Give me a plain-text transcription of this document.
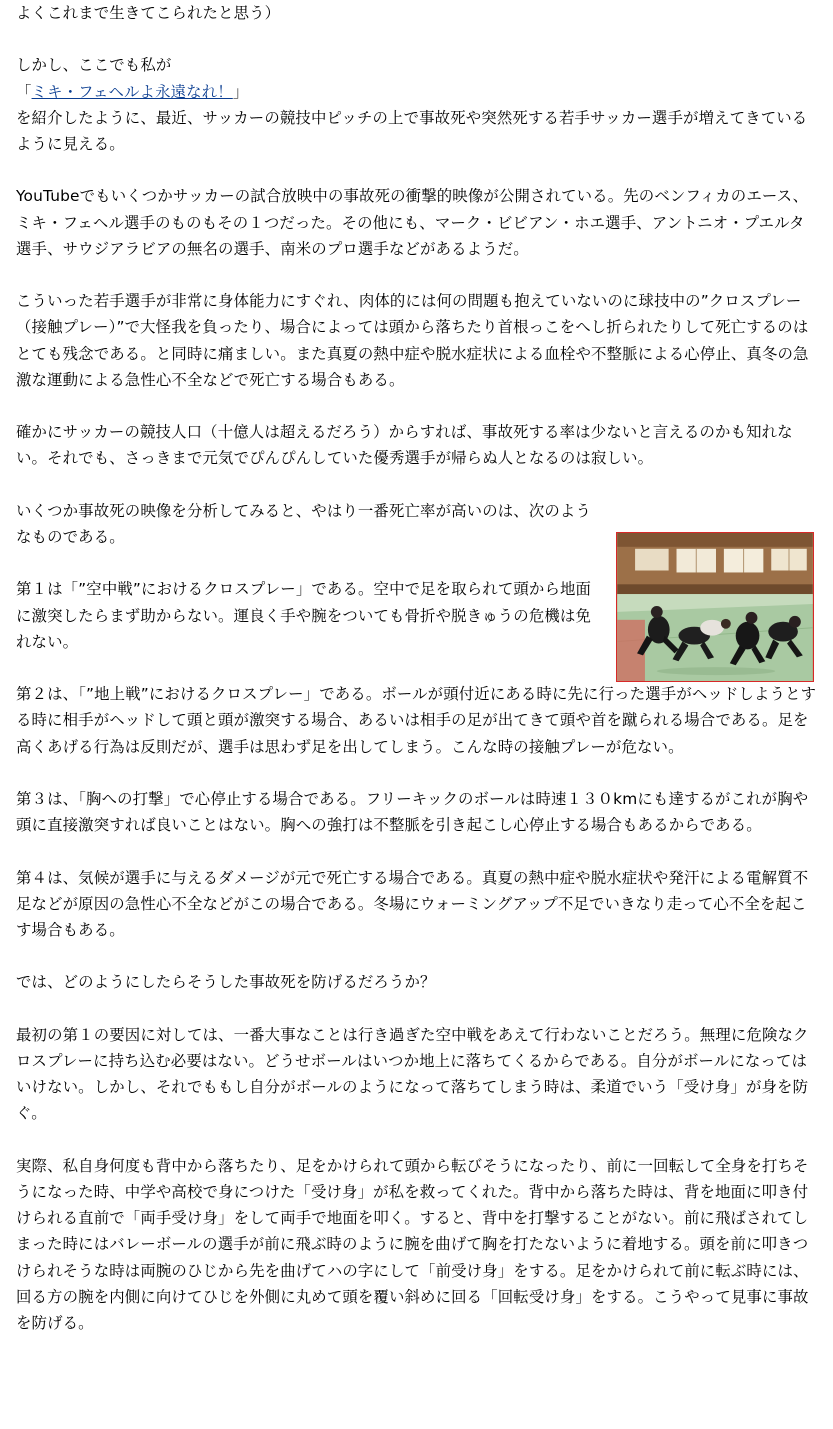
よくこれまで生きてこられたと思う）

しかし、ここでも私が

「ミキ・フェヘルよ永遠なれ！」

を紹介したように、最近、サッカーの競技中ピッチの上で事故死や突然死する若手サッカー選手が増えてきているように見える。

YouTubeでもいくつかサッカーの試合放映中の事故死の衝撃的映像が公開されている。先のベンフィカのエース、ミキ・フェヘル選手のものもその１つだった。その他にも、マーク・ビビアン・ホエ選手、アントニオ・プエルタ選手、サウジアラビアの無名の選手、南米のプロ選手などがあるようだ。

こういった若手選手が非常に身体能力にすぐれ、肉体的には何の問題も抱えていないのに球技中の”クロスプレー（接触プレー）”で大怪我を負ったり、場合によっては頭から落ちたり首根っこをへし折られたりして死亡するのはとても残念である。と同時に痛ましい。また真夏の熱中症や脱水症状による血栓や不整脈による心停止、真冬の急激な運動による急性心不全などで死亡する場合もある。

確かにサッカーの競技人口（十億人は超えるだろう）からすれば、事故死する率は少ないと言えるのかも知れない。それでも、さっきまで元気でぴんぴんしていた優秀選手が帰らぬ人となるのは寂しい。

いくつか事故死の映像を分析してみると、やはり一番死亡率が高いのは、次のようなものである。

第１は「”空中戦”におけるクロスプレー」である。空中で足を取られて頭から地面に激突したらまず助からない。運良く手や腕をついても骨折や脱きゅうの危機は免れない。

第２は、「”地上戦”におけるクロスプレー」である。ボールが頭付近にある時に先に行った選手がヘッドしようとする時に相手がヘッドして頭と頭が激突する場合、あるいは相手の足が出てきて頭や首を蹴られる場合である。足を高くあげる行為は反則だが、選手は思わず足を出してしまう。こんな時の接触プレーが危ない。

第３は、「胸への打撃」で心停止する場合である。フリーキックのボールは時速１３０kmにも達するがこれが胸や頭に直接激突すれば良いことはない。胸への強打は不整脈を引き起こし心停止する場合もあるからである。

第４は、気候が選手に与えるダメージが元で死亡する場合である。真夏の熱中症や脱水症状や発汗による電解質不足などが原因の急性心不全などがこの場合である。冬場にウォーミングアップ不足でいきなり走って心不全を起こす場合もある。

では、どのようにしたらそうした事故死を防げるだろうか？

最初の第１の要因に対しては、一番大事なことは行き過ぎた空中戦をあえて行わないことだろう。無理に危険なクロスプレーに持ち込む必要はない。どうせボールはいつか地上に落ちてくるからである。自分がボールになってはいけない。しかし、それでももし自分がボールのようになって落ちてしまう時は、柔道でいう「受け身」が身を防ぐ。

実際、私自身何度も背中から落ちたり、足をかけられて頭から転びそうになったり、前に一回転して全身を打ちそうになった時、中学や高校で身につけた「受け身」が私を救ってくれた。背中から落ちた時は、背を地面に叩き付けられる直前で「両手受け身」をして両手で地面を叩く。すると、背中を打撃することがない。前に飛ばされてしまった時にはバレーボールの選手が前に飛ぶ時のように腕を曲げて胸を打たないように着地する。頭を前に叩きつけられそうな時は両腕のひじから先を曲げてハの字にして「前受け身」をする。足をかけられて前に転ぶ時には、回る方の腕を内側に向けてひじを外側に丸めて頭を覆い斜めに回る「回転受け身」をする。こうやって見事に事故を防げる。
